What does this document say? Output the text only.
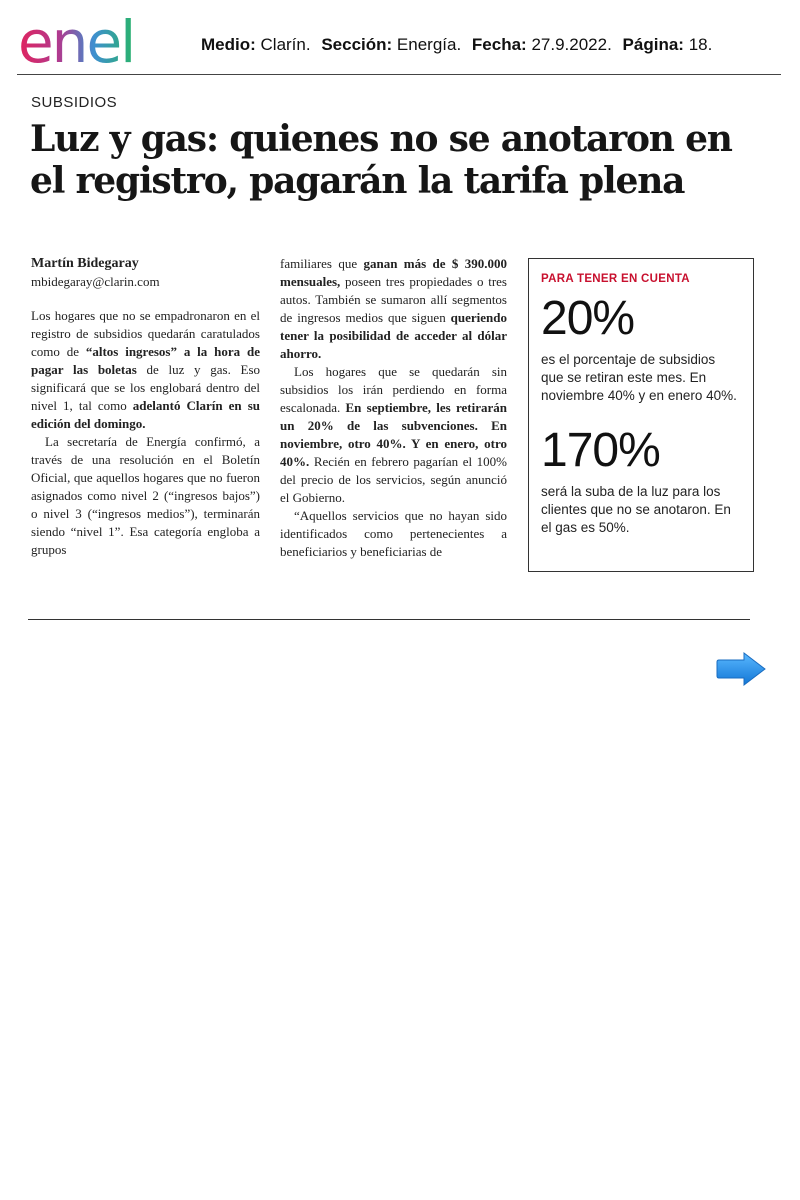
enel	Medio: Clarín. Sección: Energía. Fecha: 27.9.2022. Página: 18.
SUBSIDIOS
Luz y gas: quienes no se anotaron en el registro, pagarán la tarifa plena
Martín Bidegaray
mbidegaray@clarin.com

Los hogares que no se empadronaron en el registro de subsidios quedarán caratulados como de “altos ingresos” a la hora de pagar las boletas de luz y gas. Eso significará que se los englobará dentro del nivel 1, tal como adelantó Clarín en su edición del domingo.

La secretaría de Energía confirmó, a través de una resolución en el Boletín Oficial, que aquellos hogares que no fueron asignados como nivel 2 (“ingresos bajos”) o nivel 3 (“ingresos medios”), terminarán siendo “nivel 1”. Esa categoría engloba a grupos

familiares que ganan más de $ 390.000 mensuales, poseen tres propiedades o tres autos. También se sumaron allí segmentos de ingresos medios que siguen queriendo tener la posibilidad de acceder al dólar ahorro.

Los hogares que se quedarán sin subsidios los irán perdiendo en forma escalonada. En septiembre, les retirarán un 20% de las subvenciones. En noviembre, otro 40%. Y en enero, otro 40%. Recién en febrero pagarían el 100% del precio de los servicios, según anunció el Gobierno.

“Aquellos servicios que no hayan sido identificados como pertenecientes a beneficiarios y beneficiarias de

PARA TENER EN CUENTA
20%
es el porcentaje de subsidios que se retiran este mes. En noviembre 40% y en enero 40%.
170%
será la suba de la luz para los clientes que no se anotaron. En el gas es 50%.
